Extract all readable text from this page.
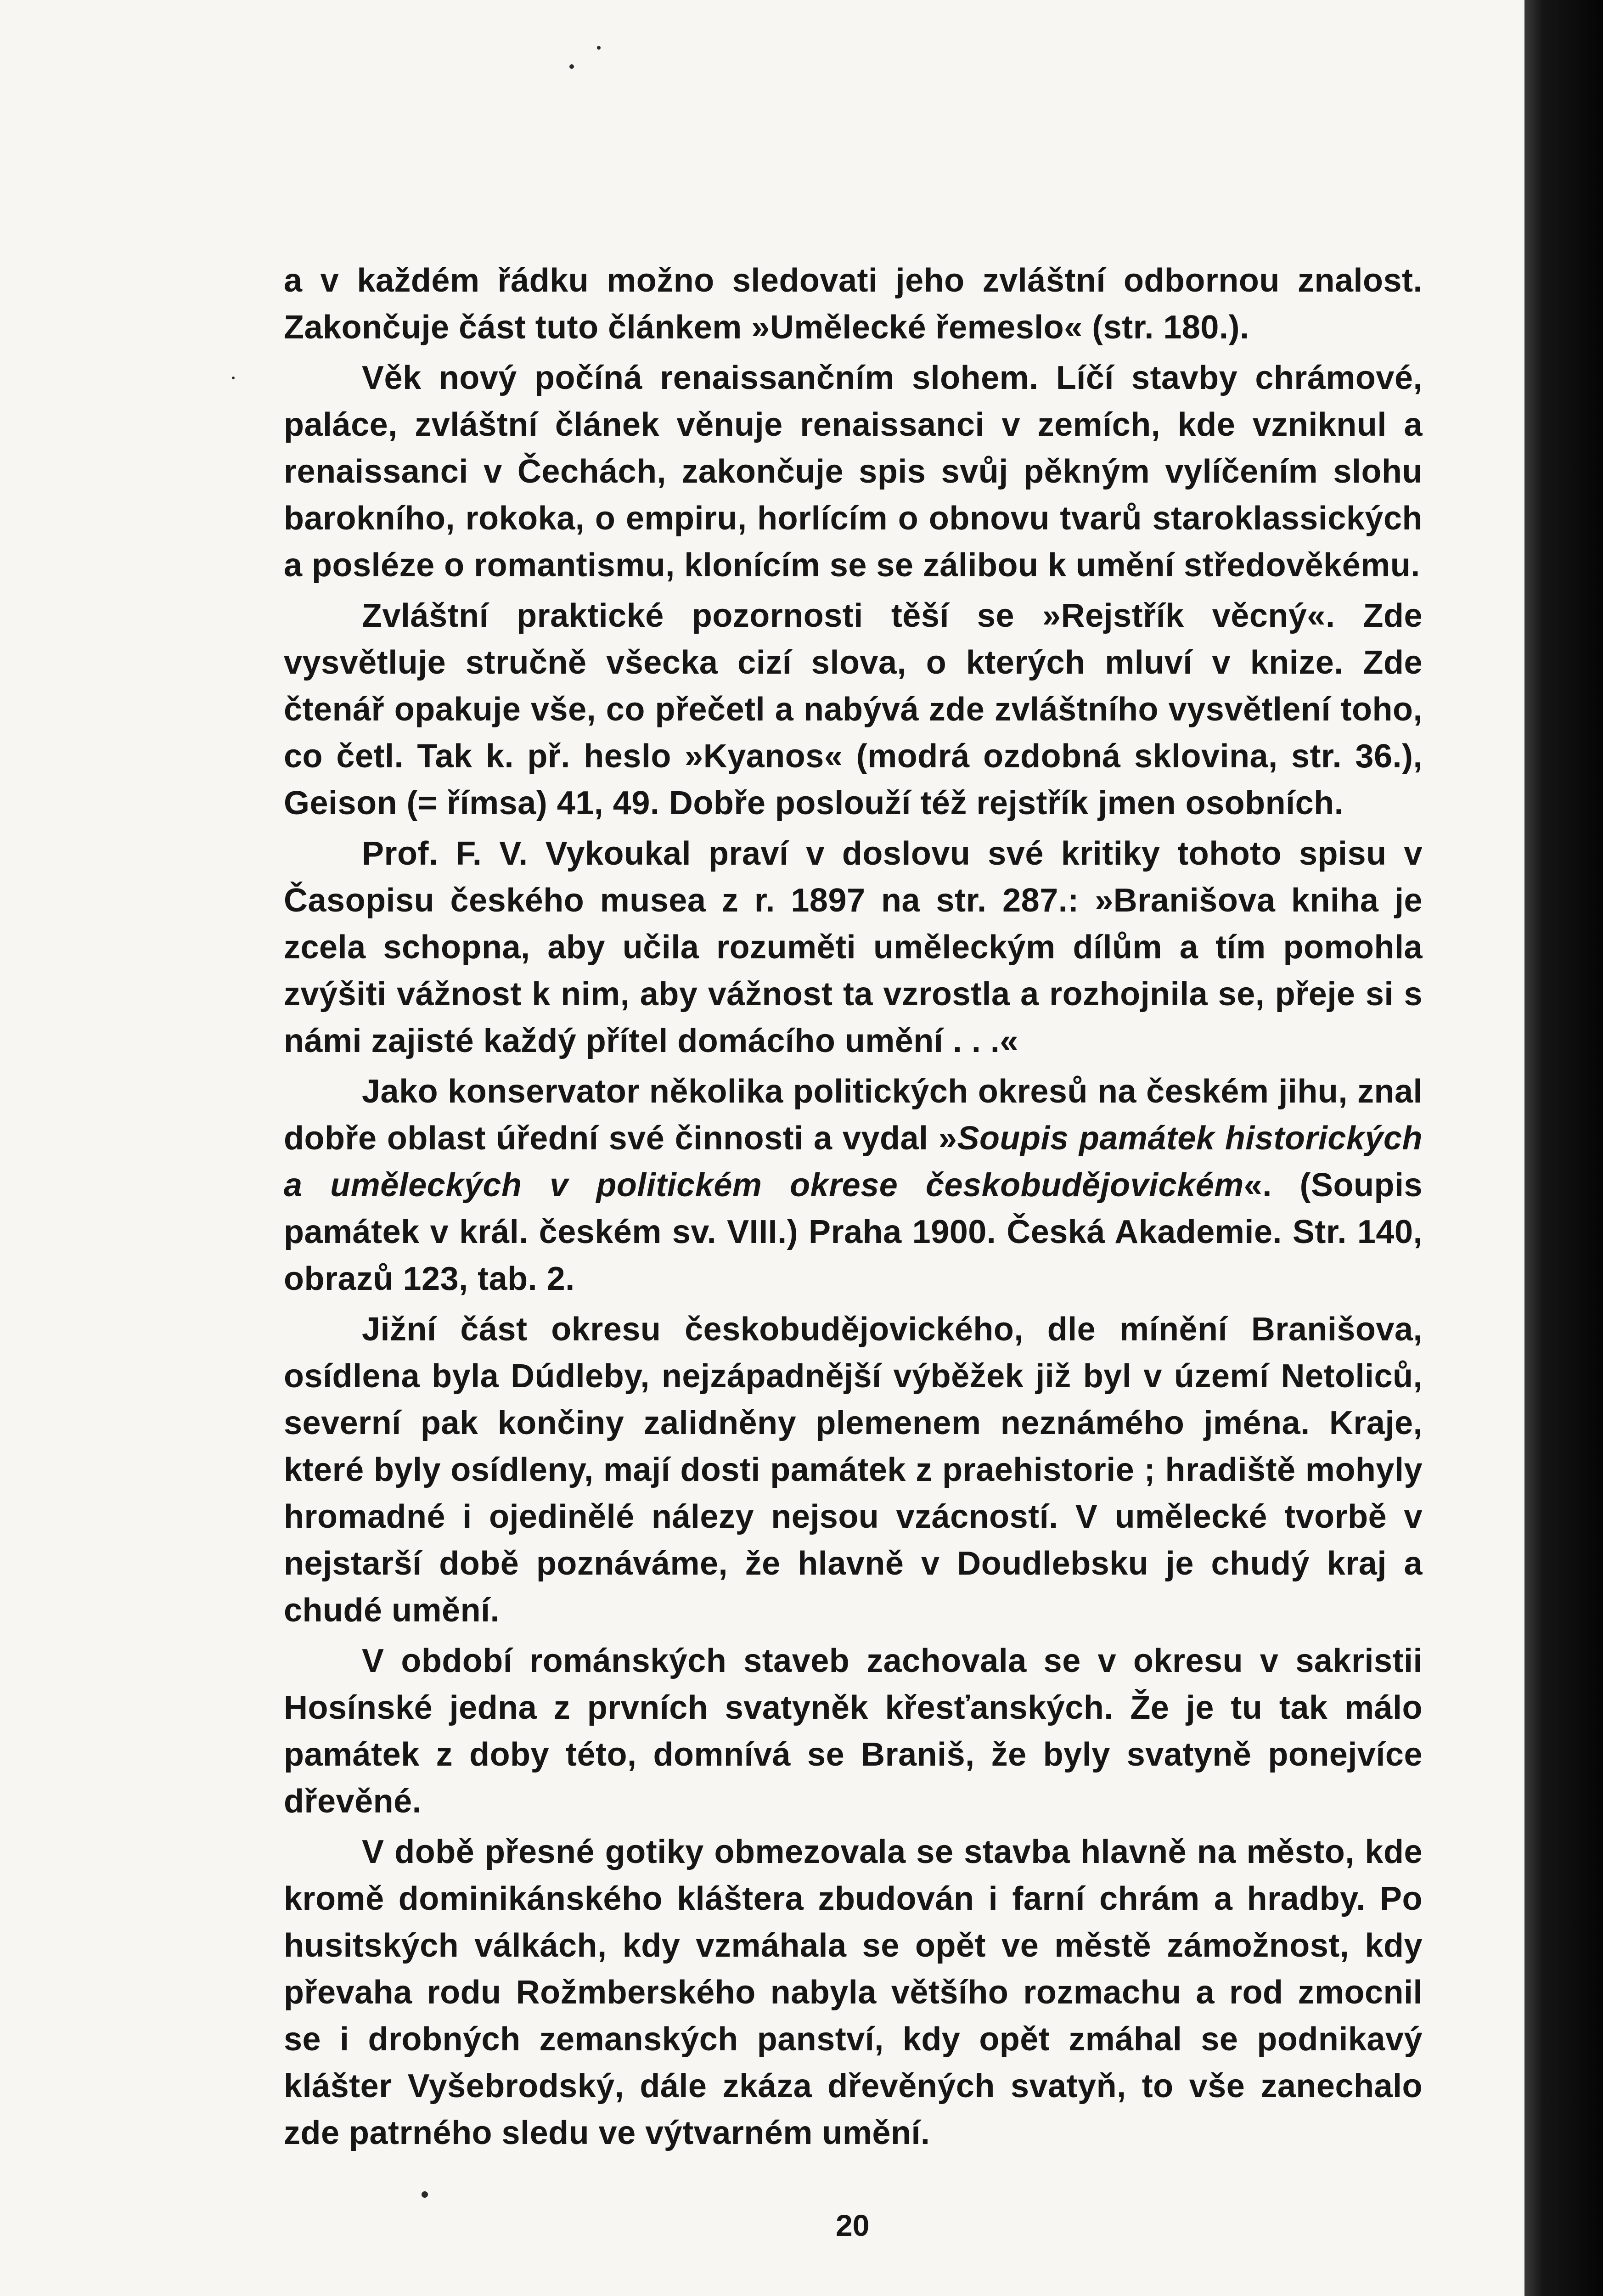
a v každém řádku možno sledovati jeho zvláštní odbornou znalost. Zakončuje část tuto článkem »Umělecké řemeslo« (str. 180.).

Věk nový počíná renaissančním slohem. Líčí stavby chrámové, paláce, zvláštní článek věnuje renaissanci v zemích, kde vzniknul a renaissanci v Čechách, zakončuje spis svůj pěkným vylíčením slohu barokního, rokoka, o empiru, horlícím o obnovu tvarů staroklassických a posléze o romantismu, klonícím se se zálibou k umění středověkému.

Zvláštní praktické pozornosti těší se »Rejstřík věcný«. Zde vysvětluje stručně všecka cizí slova, o kterých mluví v knize. Zde čtenář opakuje vše, co přečetl a nabývá zde zvláštního vysvětlení toho, co četl. Tak k. př. heslo »Kyanos« (modrá ozdobná sklovina, str. 36.), Geison (= římsa) 41, 49. Dobře poslouží též rejstřík jmen osobních.

Prof. F. V. Vykoukal praví v doslovu své kritiky tohoto spisu v Časopisu českého musea z r. 1897 na str. 287.: »Branišova kniha je zcela schopna, aby učila rozuměti uměleckým dílům a tím pomohla zvýšiti vážnost k nim, aby vážnost ta vzrostla a rozhojnila se, přeje si s námi zajisté každý přítel domácího umění . . .«

Jako konservator několika politických okresů na českém jihu, znal dobře oblast úřední své činnosti a vydal »Soupis památek historických a uměleckých v politickém okrese českobudějovickém«. (Soupis památek v král. českém sv. VIII.) Praha 1900. Česká Akademie. Str. 140, obrazů 123, tab. 2.

Jižní část okresu českobudějovického, dle mínění Branišova, osídlena byla Dúdleby, nejzápadnější výběžek již byl v území Netoliců, severní pak končiny zalidněny plemenem neznámého jména. Kraje, které byly osídleny, mají dosti památek z praehistorie ; hradiště mohyly hromadné i ojedinělé nálezy nejsou vzácností. V umělecké tvorbě v nejstarší době poznáváme, že hlavně v Doudlebsku je chudý kraj a chudé umění.

V období románských staveb zachovala se v okresu v sakristii Hosínské jedna z prvních svatyněk křesťanských. Že je tu tak málo památek z doby této, domnívá se Braniš, že byly svatyně ponejvíce dřevěné.

V době přesné gotiky obmezovala se stavba hlavně na město, kde kromě dominikánského kláštera zbudován i farní chrám a hradby. Po husitských válkách, kdy vzmáhala se opět ve městě zámožnost, kdy převaha rodu Rožmberského nabyla většího rozmachu a rod zmocnil se i drobných zemanských panství, kdy opět zmáhal se podnikavý klášter Vyšebrodský, dále zkáza dřevěných svatyň, to vše zanechalo zde patrného sledu ve výtvarném umění.

20
